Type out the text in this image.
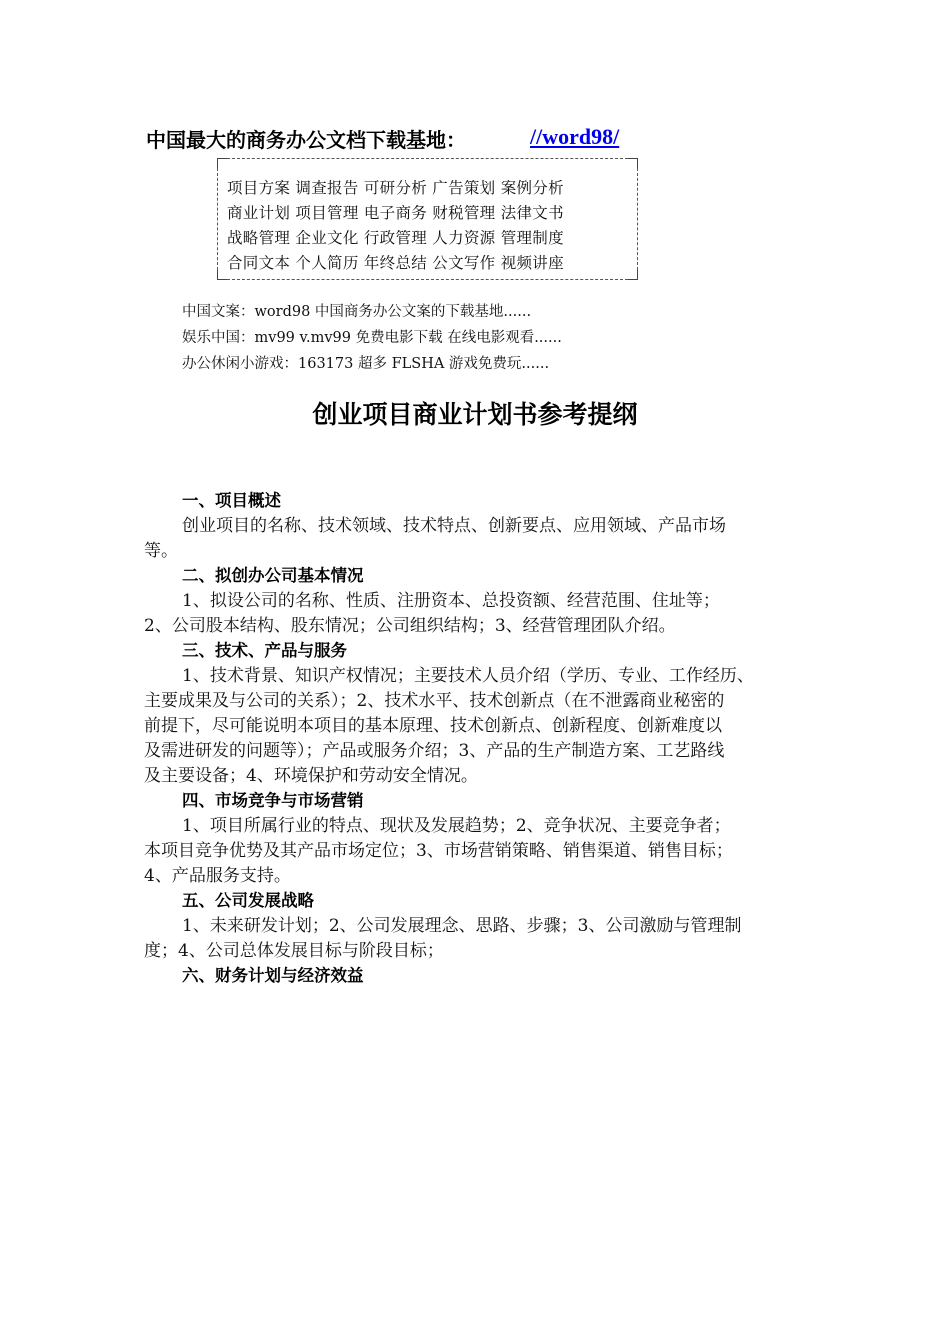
中国最大的商务办公文档下载基地：	//word98/
项目方案 调查报告 可研分析 广告策划 案例分析
商业计划 项目管理 电子商务 财税管理 法律文书
战略管理 企业文化 行政管理 人力资源 管理制度
合同文本 个人简历 年终总结 公文写作 视频讲座
中国文案：word98 中国商务办公文案的下载基地......
娱乐中国：mv99 v.mv99 免费电影下载 在线电影观看......
办公休闲小游戏：163173 超多 FLSHA 游戏免费玩......
创业项目商业计划书参考提纲
一、项目概述
创业项目的名称、技术领域、技术特点、创新要点、应用领域、产品市场
等。
二、拟创办公司基本情况
1、拟设公司的名称、性质、注册资本、总投资额、经营范围、住址等；
2、公司股本结构、股东情况；公司组织结构；3、经营管理团队介绍。
三、技术、产品与服务
1、技术背景、知识产权情况；主要技术人员介绍（学历、专业、工作经历、
主要成果及与公司的关系）；2、技术水平、技术创新点（在不泄露商业秘密的
前提下，尽可能说明本项目的基本原理、技术创新点、创新程度、创新难度以
及需进研发的问题等）；产品或服务介绍；3、产品的生产制造方案、工艺路线
及主要设备；4、环境保护和劳动安全情况。
四、市场竞争与市场营销
1、项目所属行业的特点、现状及发展趋势；2、竞争状况、主要竞争者；
本项目竞争优势及其产品市场定位；3、市场营销策略、销售渠道、销售目标；
4、产品服务支持。
五、公司发展战略
1、未来研发计划；2、公司发展理念、思路、步骤；3、公司激励与管理制
度；4、公司总体发展目标与阶段目标；
六、财务计划与经济效益
